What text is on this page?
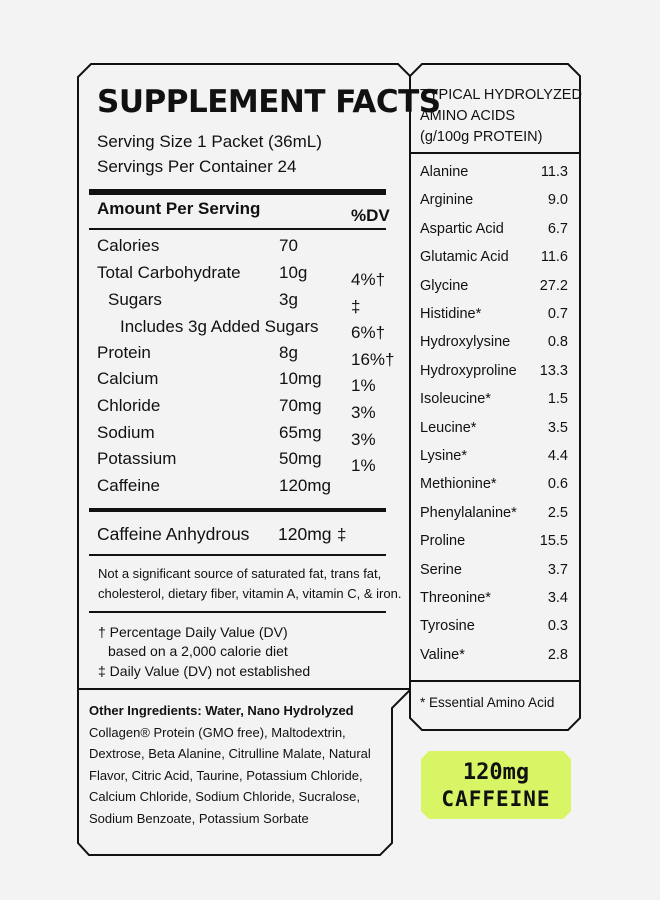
SUPPLEMENT FACTS
Serving Size 1 Packet (36mL)
Servings Per Container 24
Amount Per Serving	%DV
Calories	70
Total Carbohydrate 10g	4%†
Sugars	3g	‡
Includes 3g Added Sugars 6%†
Protein	8g	16%†
Calcium	10mg 1%
Chloride	70mg 3%
Sodium	65mg 3%
Potassium	50mg 1%
Caffeine	120mg
Caffeine Anhydrous 120mg ‡
Not a significant source of saturated fat, trans fat,
cholesterol, dietary fiber, vitamin A, vitamin C, & iron.
† Percentage Daily Value (DV)
based on a 2,000 calorie diet
‡ Daily Value (DV) not established
Other Ingredients: Water, Nano Hydrolyzed Collagen® Protein (GMO free), Maltodextrin, Dextrose, Beta Alanine, Citrulline Malate, Natural Flavor, Citric Acid, Taurine, Potassium Chloride, Calcium Chloride, Sodium Chloride, Sucralose, Sodium Benzoate, Potassium Sorbate
TYPICAL HYDROLYZED
AMINO ACIDS
(g/100g PROTEIN)
Alanine	11.3
Arginine	9.0
Aspartic Acid	6.7
Glutamic Acid 11.6
Glycine	27.2
Histidine*	0.7
Hydroxylysine	0.8
Hydroxyproline 13.3
Isoleucine*	1.5
Leucine*	3.5
Lysine*	4.4
Methionine*	0.6
Phenylalanine* 2.5
Proline	15.5
Serine	3.7
Threonine*	3.4
Tyrosine	0.3
Valine*	2.8
* Essential Amino Acid
120mg
CAFFEINE
